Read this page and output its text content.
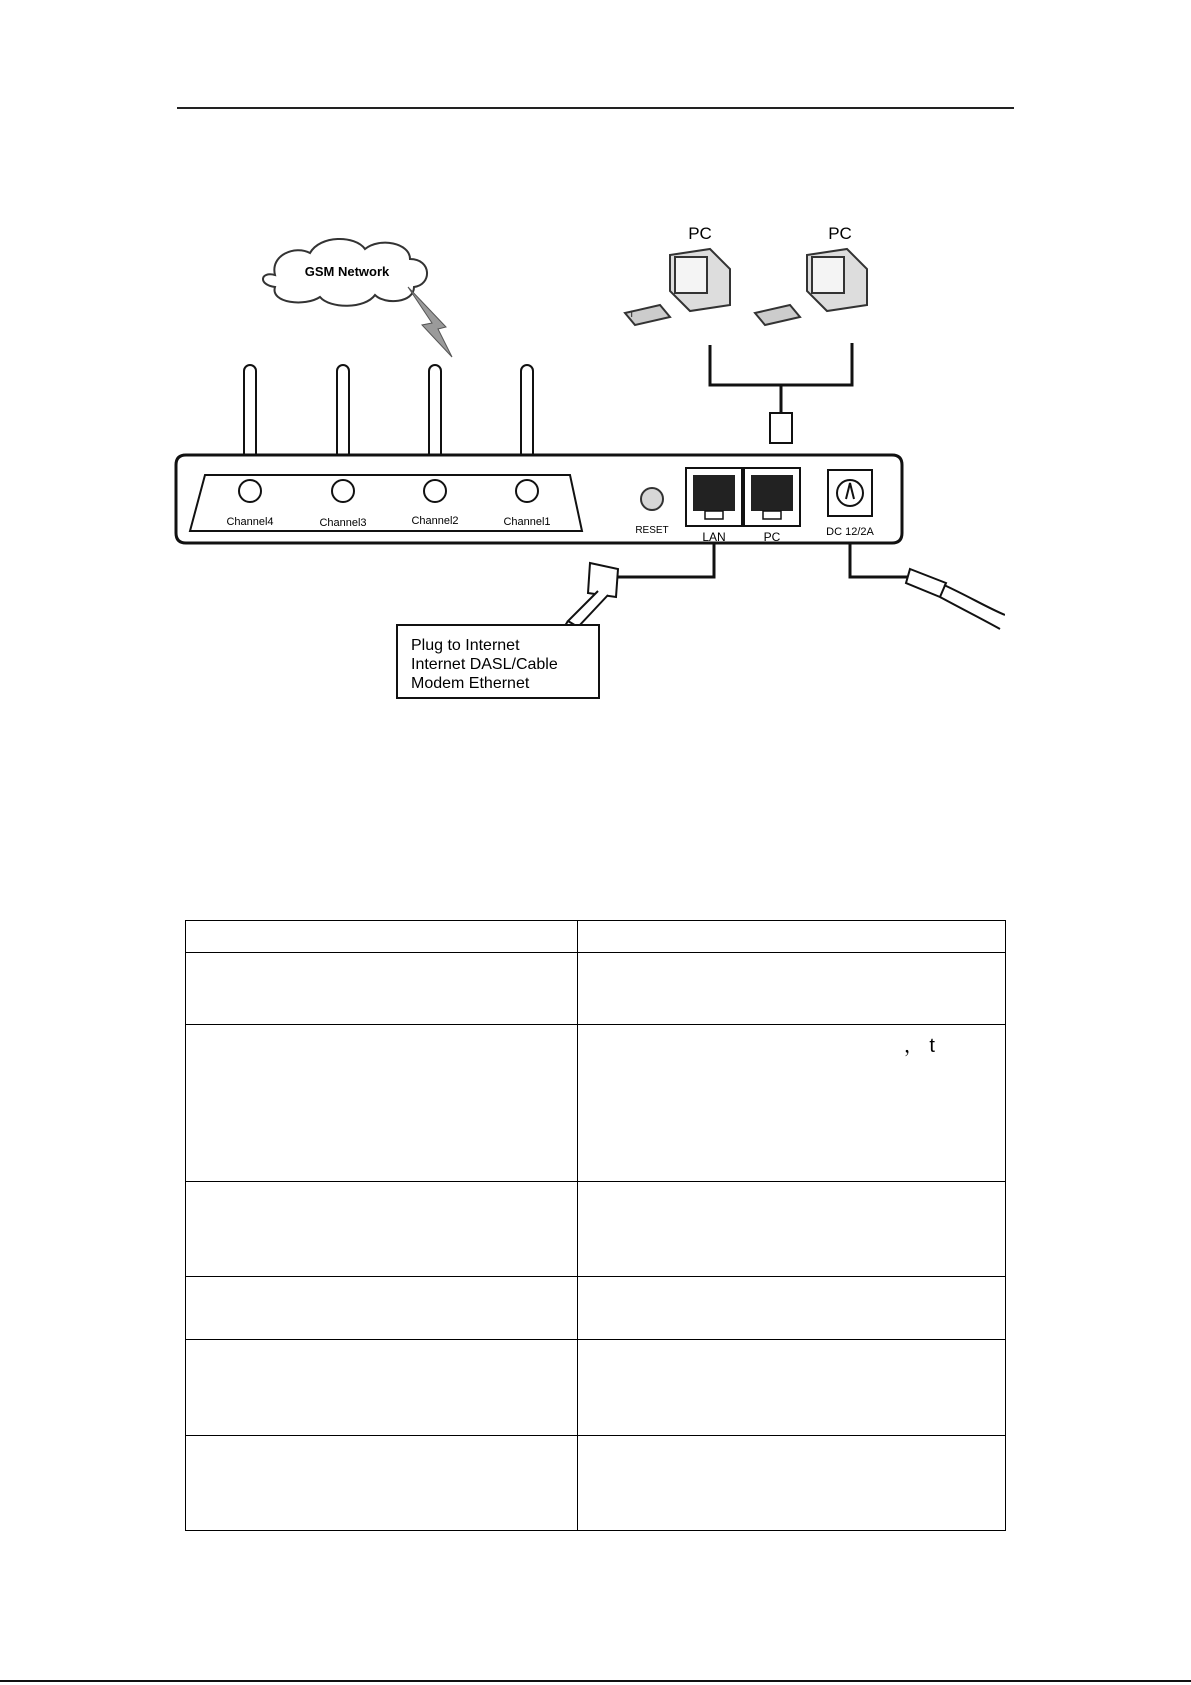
GSM Network
PC	PC
Channel4	Channel3	Channel2	Channel1
RESET	LAN	PC	DC 12/2A
Plug to Internet
Internet DASL/Cable
Modem Ethernet
ı

	， t
